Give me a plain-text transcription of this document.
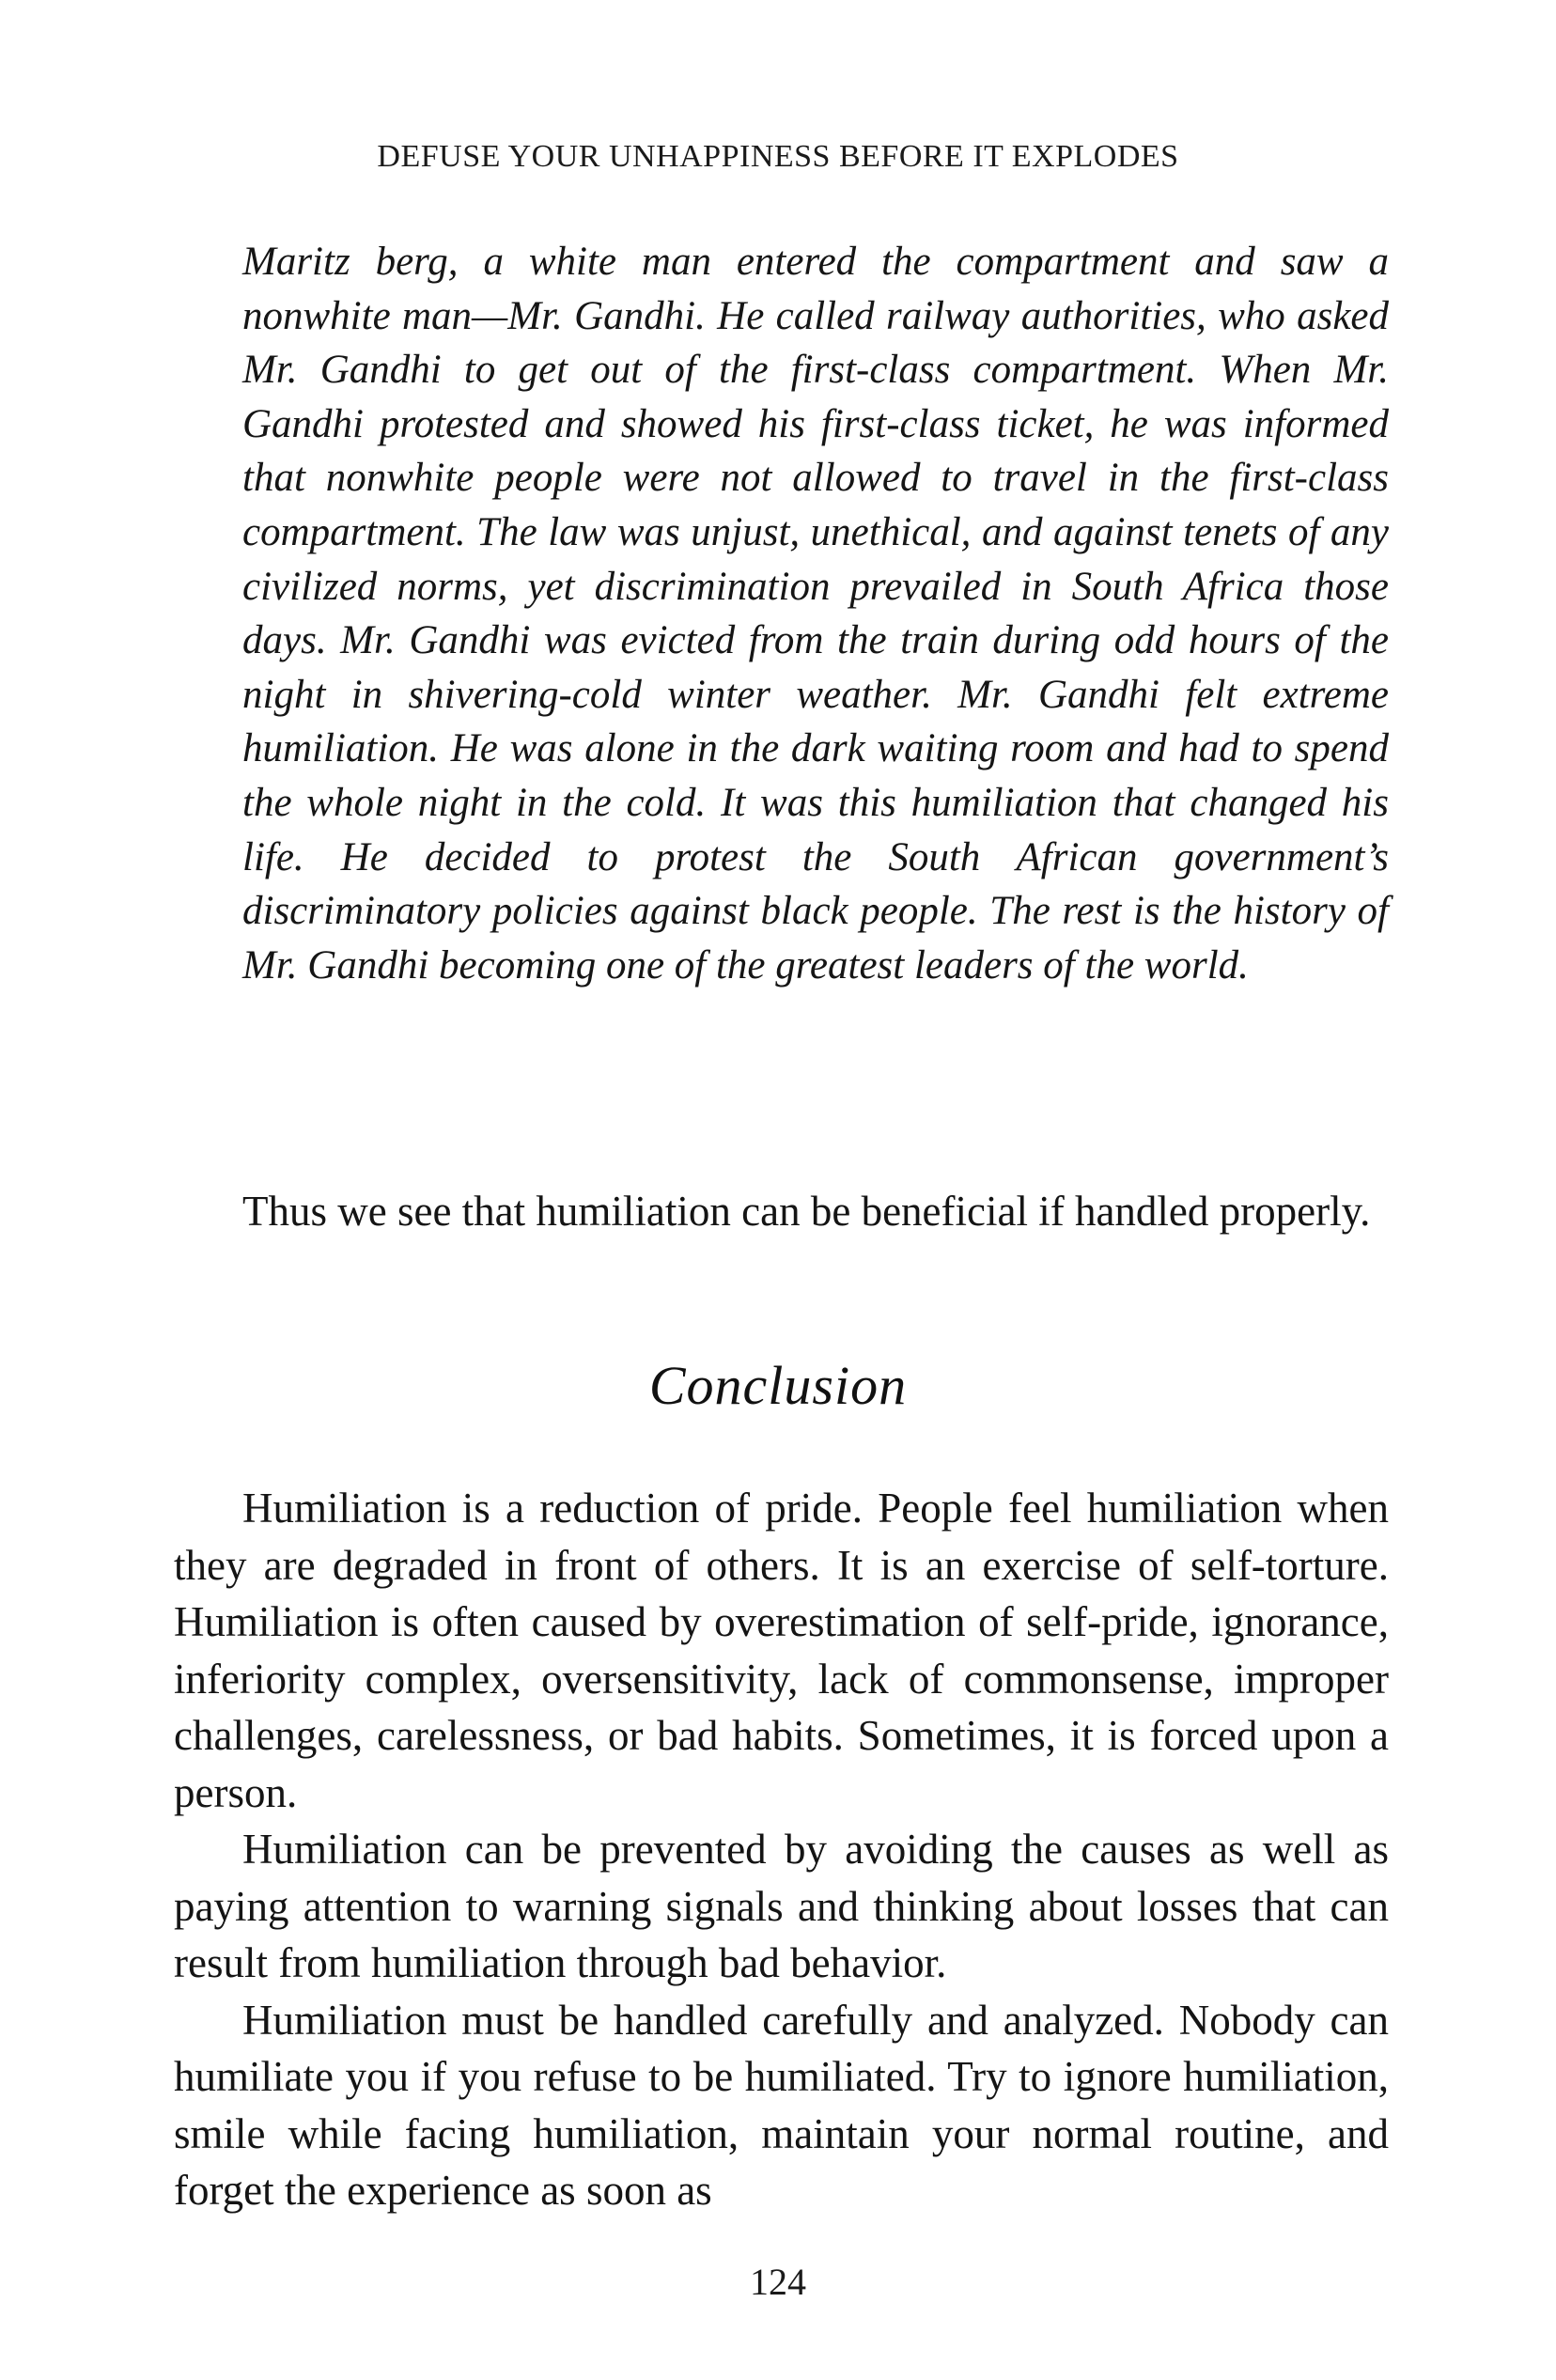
DEFUSE YOUR UNHAPPINESS BEFORE IT EXPLODES

Maritz berg, a white man entered the compartment and saw a nonwhite man—Mr. Gandhi. He called railway authorities, who asked Mr. Gandhi to get out of the first-class compartment. When Mr. Gandhi protested and showed his first-class ticket, he was informed that nonwhite people were not allowed to travel in the first-class compartment. The law was unjust, unethical, and against tenets of any civilized norms, yet discrimination prevailed in South Africa those days. Mr. Gandhi was evicted from the train during odd hours of the night in shivering-cold winter weather. Mr. Gandhi felt extreme humiliation. He was alone in the dark waiting room and had to spend the whole night in the cold. It was this humiliation that changed his life. He decided to protest the South African government’s discriminatory policies against black people. The rest is the history of Mr. Gandhi becoming one of the greatest leaders of the world.

Thus we see that humiliation can be beneficial if handled properly.

Conclusion

Humiliation is a reduction of pride. People feel humiliation when they are degraded in front of others. It is an exercise of self-torture. Humiliation is often caused by overestimation of self-pride, ignorance, inferiority complex, oversensitivity, lack of commonsense, improper challenges, carelessness, or bad habits. Sometimes, it is forced upon a person.

Humiliation can be prevented by avoiding the causes as well as paying attention to warning signals and thinking about losses that can result from humiliation through bad behavior.

Humiliation must be handled carefully and analyzed. Nobody can humiliate you if you refuse to be humiliated. Try to ignore humiliation, smile while facing humiliation, maintain your normal routine, and forget the experience as soon as

124
